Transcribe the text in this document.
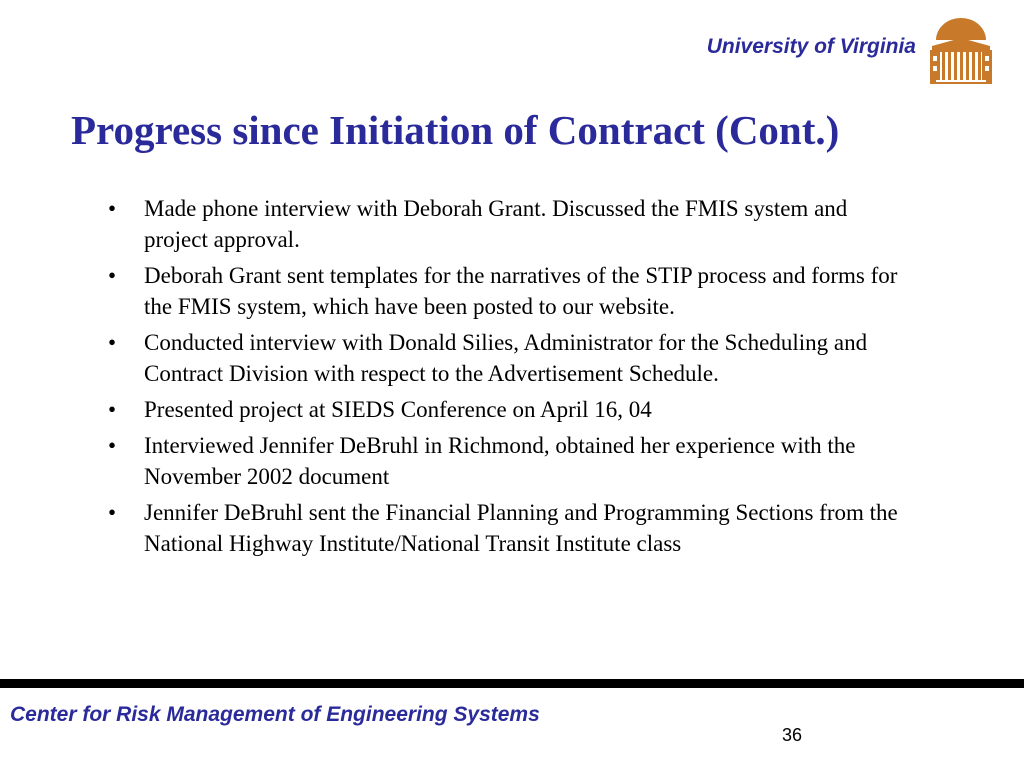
University of Virginia
Progress since Initiation of Contract (Cont.)
• Made phone interview with Deborah Grant. Discussed the FMIS system and project approval.
• Deborah Grant sent templates for the narratives of the STIP process and forms for the FMIS system, which have been posted to our website.
• Conducted interview with Donald Silies, Administrator for the Scheduling and Contract Division with respect to the Advertisement Schedule.
• Presented project at SIEDS Conference on April 16, 04
• Interviewed Jennifer DeBruhl in Richmond, obtained her experience with the November 2002 document
• Jennifer DeBruhl sent the Financial Planning and Programming Sections from the National Highway Institute/National Transit Institute class
Center for Risk Management of Engineering Systems
36
